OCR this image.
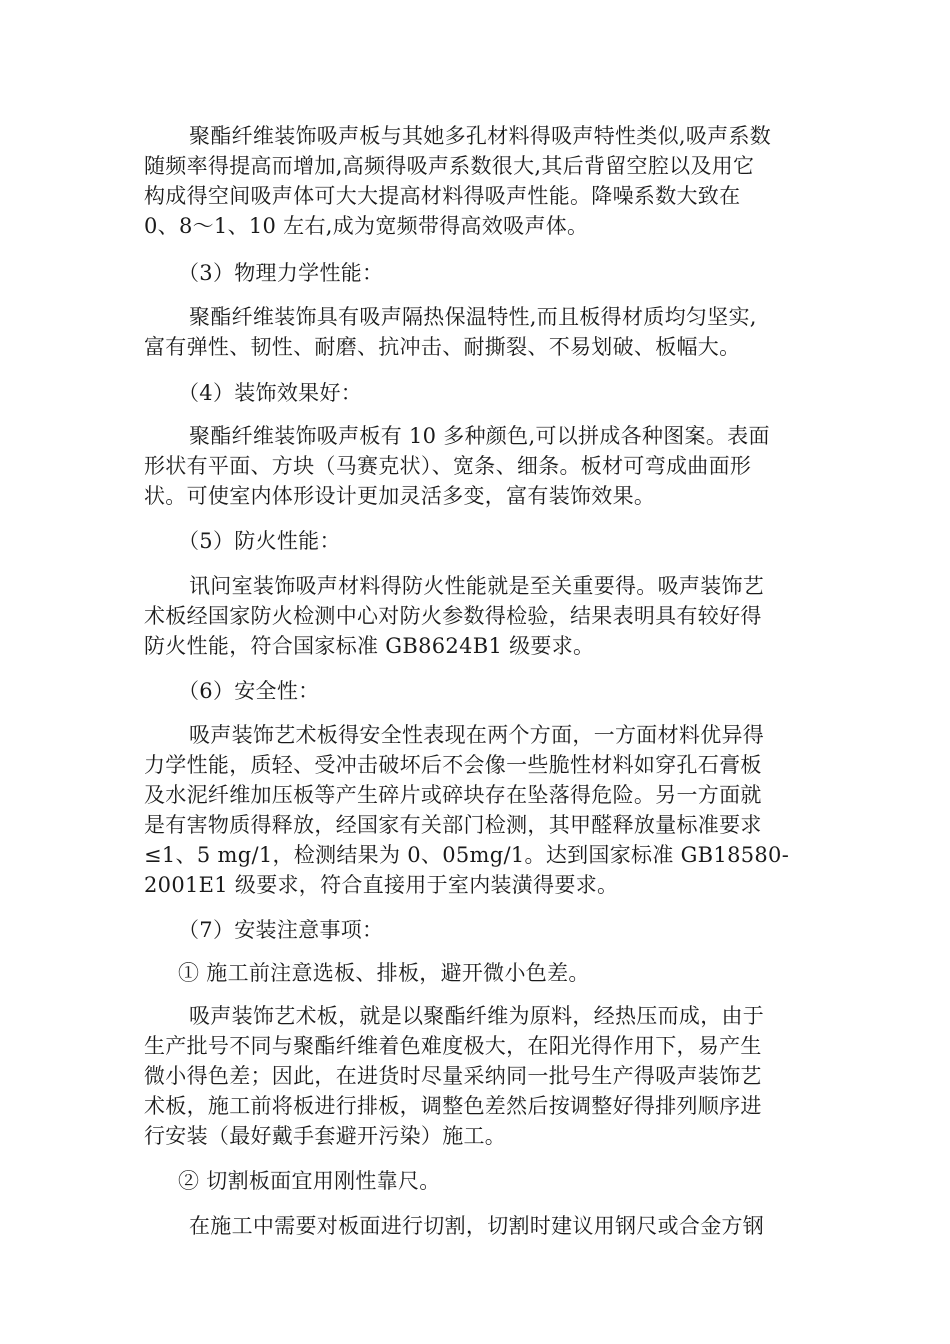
聚酯纤维装饰吸声板与其她多孔材料得吸声特性类似,吸声系数
随频率得提高而增加,高频得吸声系数很大,其后背留空腔以及用它
构成得空间吸声体可大大提高材料得吸声性能。降噪系数大致在
0、8～1、10 左右,成为宽频带得高效吸声体。
（3）物理力学性能：
聚酯纤维装饰具有吸声隔热保温特性,而且板得材质均匀坚实,
富有弹性、韧性、耐磨、抗冲击、耐撕裂、不易划破、板幅大。
（4）装饰效果好：
聚酯纤维装饰吸声板有 10 多种颜色,可以拼成各种图案。表面
形状有平面、方块（马赛克状）、宽条、细条。板材可弯成曲面形
状。可使室内体形设计更加灵活多变，富有装饰效果。
（5）防火性能：
讯问室装饰吸声材料得防火性能就是至关重要得。吸声装饰艺
术板经国家防火检测中心对防火参数得检验，结果表明具有较好得
防火性能，符合国家标准 GB8624B1 级要求。
（6）安全性：
吸声装饰艺术板得安全性表现在两个方面，一方面材料优异得
力学性能，质轻、受冲击破坏后不会像一些脆性材料如穿孔石膏板
及水泥纤维加压板等产生碎片或碎块存在坠落得危险。另一方面就
是有害物质得释放，经国家有关部门检测，其甲醛释放量标准要求
≤1、5 mg/1，检测结果为 0、05mg/1。达到国家标准 GB18580-
2001E1 级要求，符合直接用于室内装潢得要求。
（7）安装注意事项：
① 施工前注意选板、排板，避开微小色差。
吸声装饰艺术板，就是以聚酯纤维为原料，经热压而成，由于
生产批号不同与聚酯纤维着色难度极大，在阳光得作用下，易产生
微小得色差；因此，在进货时尽量采纳同一批号生产得吸声装饰艺
术板，施工前将板进行排板，调整色差然后按调整好得排列顺序进
行安装（最好戴手套避开污染）施工。
② 切割板面宜用刚性靠尺。
在施工中需要对板面进行切割，切割时建议用钢尺或合金方钢
